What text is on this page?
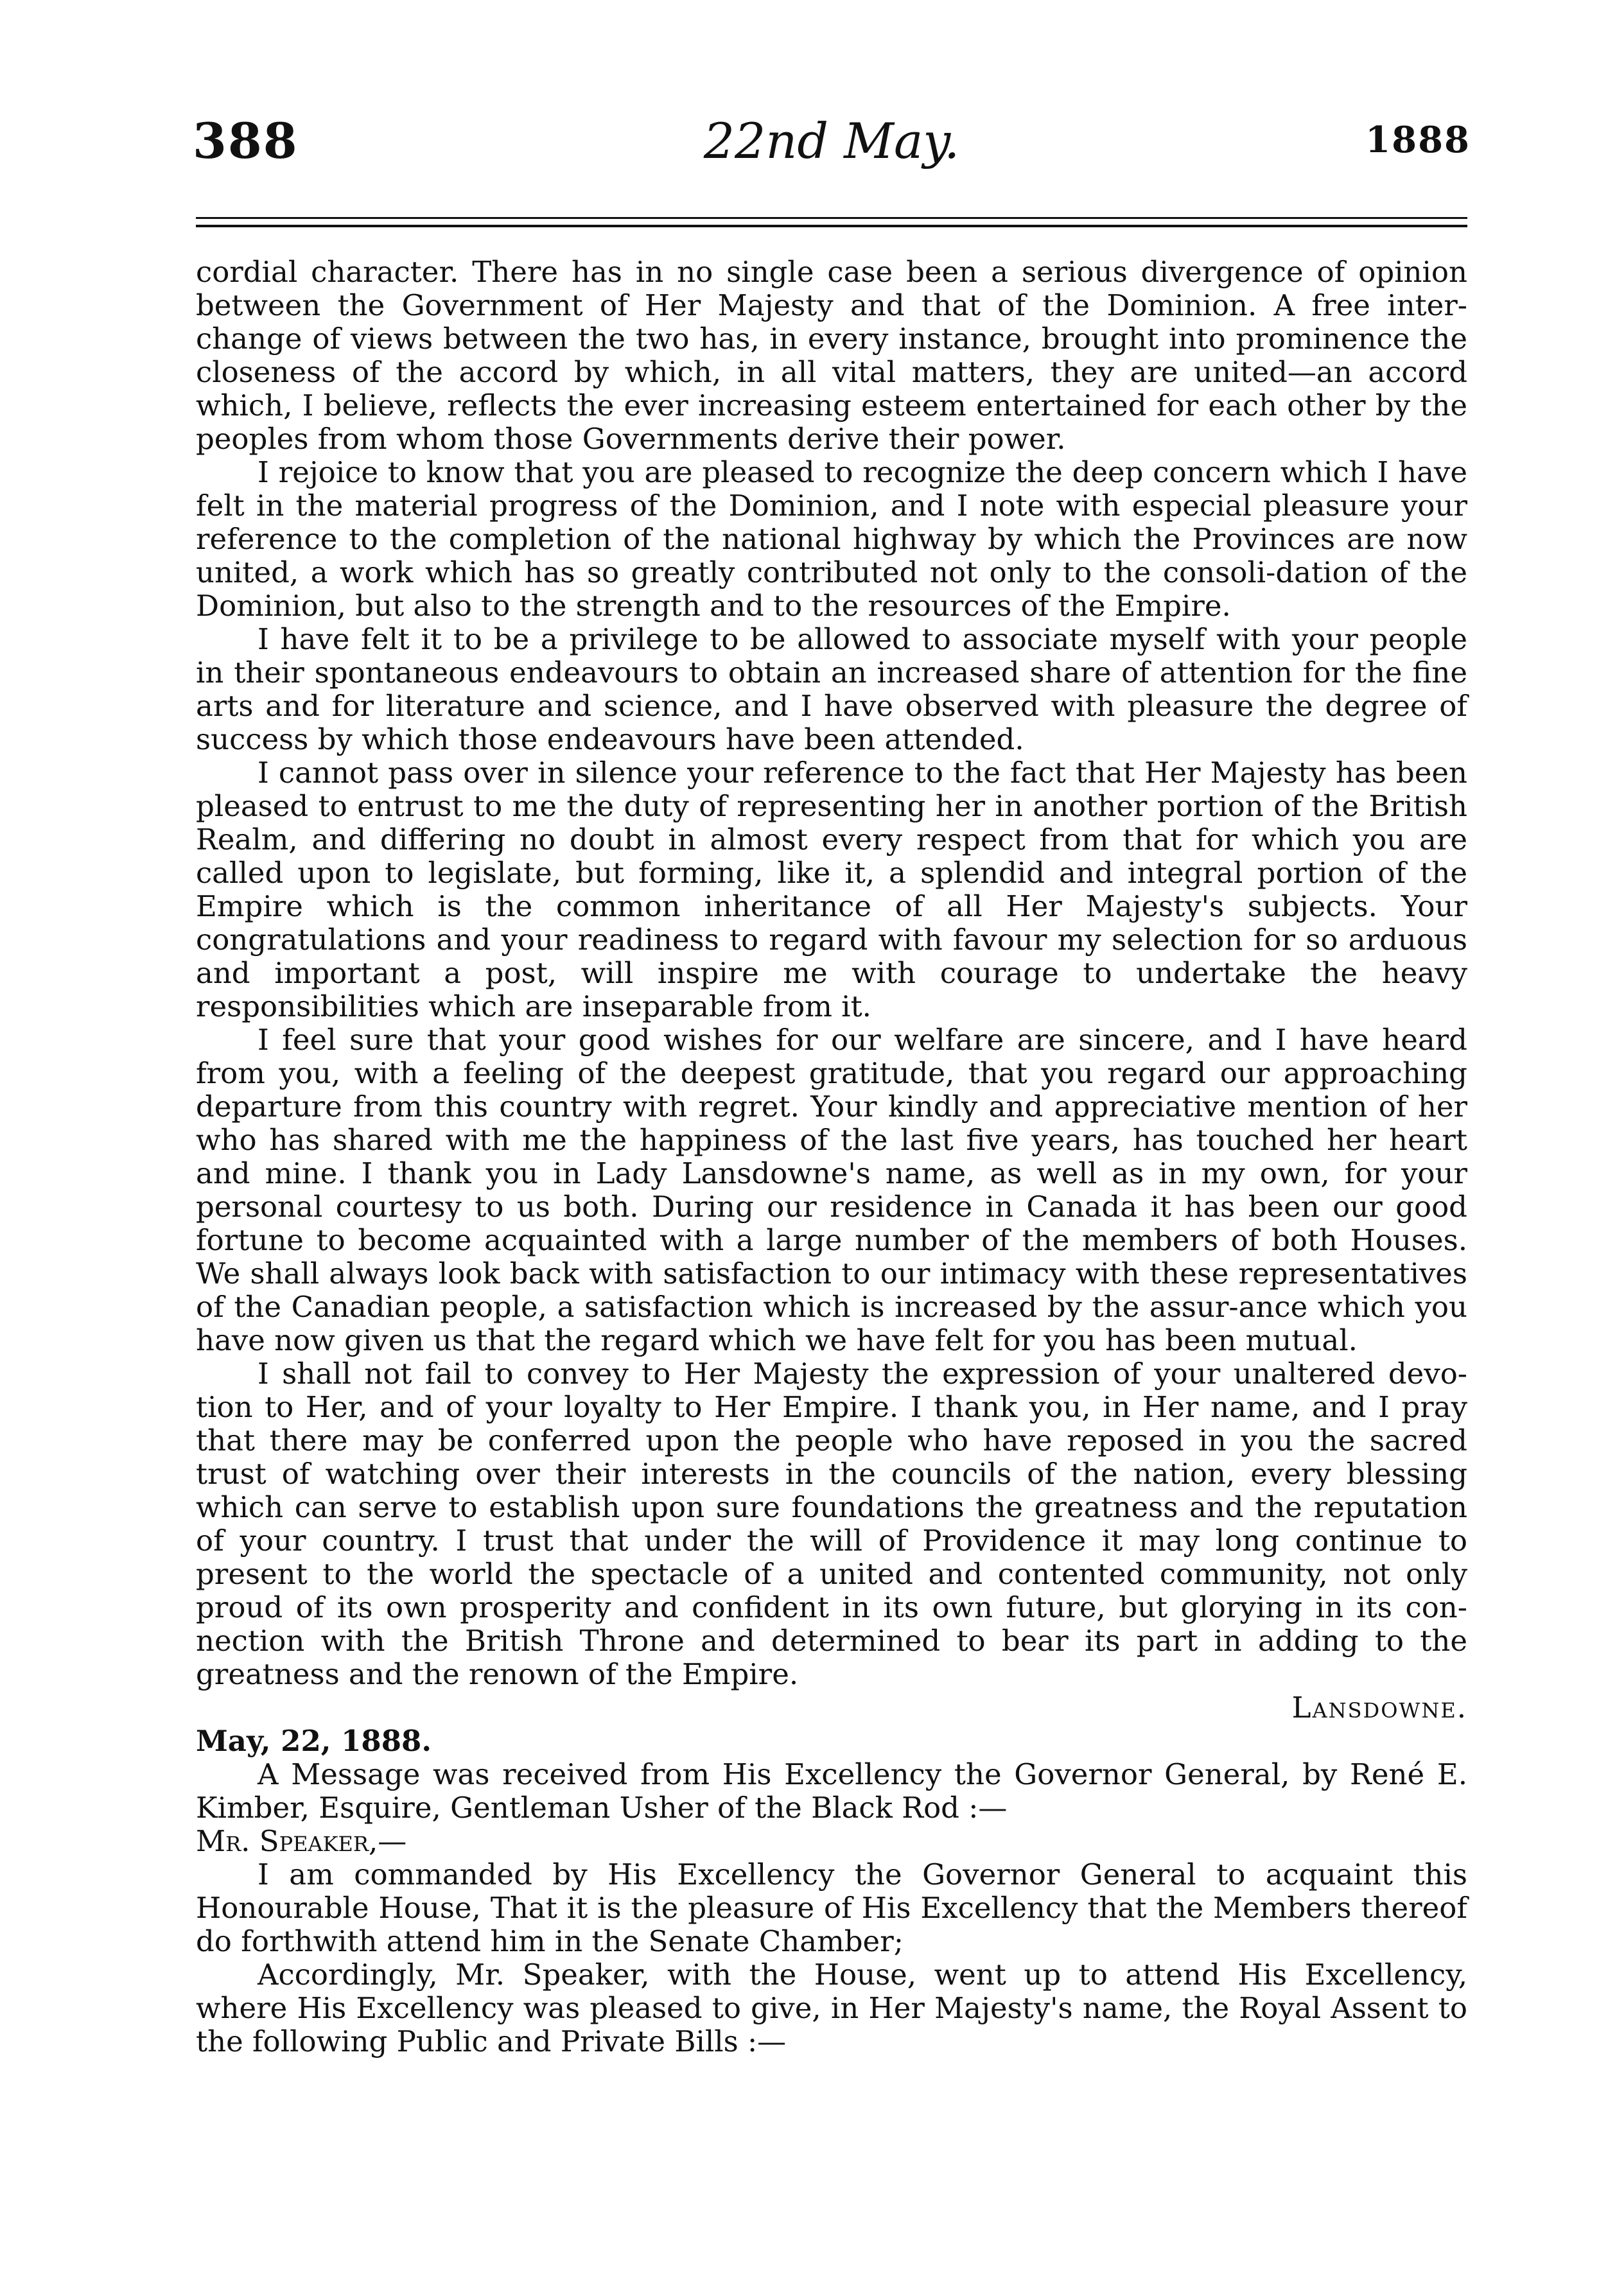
388	22nd May.	1888

cordial character. There has in no single case been a serious divergence of opinion between the Government of Her Majesty and that of the Dominion. A free inter-change of views between the two has, in every instance, brought into prominence the closeness of the accord by which, in all vital matters, they are united—an accord which, I believe, reflects the ever increasing esteem entertained for each other by the peoples from whom those Governments derive their power.

I rejoice to know that you are pleased to recognize the deep concern which I have felt in the material progress of the Dominion, and I note with especial pleasure your reference to the completion of the national highway by which the Provinces are now united, a work which has so greatly contributed not only to the consoli-dation of the Dominion, but also to the strength and to the resources of the Empire.

I have felt it to be a privilege to be allowed to associate myself with your people in their spontaneous endeavours to obtain an increased share of attention for the fine arts and for literature and science, and I have observed with pleasure the degree of success by which those endeavours have been attended.

I cannot pass over in silence your reference to the fact that Her Majesty has been pleased to entrust to me the duty of representing her in another portion of the British Realm, and differing no doubt in almost every respect from that for which you are called upon to legislate, but forming, like it, a splendid and integral portion of the Empire which is the common inheritance of all Her Majesty's subjects. Your congratulations and your readiness to regard with favour my selection for so arduous and important a post, will inspire me with courage to undertake the heavy responsibilities which are inseparable from it.

I feel sure that your good wishes for our welfare are sincere, and I have heard from you, with a feeling of the deepest gratitude, that you regard our approaching departure from this country with regret. Your kindly and appreciative mention of her who has shared with me the happiness of the last five years, has touched her heart and mine. I thank you in Lady Lansdowne's name, as well as in my own, for your personal courtesy to us both. During our residence in Canada it has been our good fortune to become acquainted with a large number of the members of both Houses. We shall always look back with satisfaction to our intimacy with these representatives of the Canadian people, a satisfaction which is increased by the assur-ance which you have now given us that the regard which we have felt for you has been mutual.

I shall not fail to convey to Her Majesty the expression of your unaltered devo-tion to Her, and of your loyalty to Her Empire. I thank you, in Her name, and I pray that there may be conferred upon the people who have reposed in you the sacred trust of watching over their interests in the councils of the nation, every blessing which can serve to establish upon sure foundations the greatness and the reputation of your country. I trust that under the will of Providence it may long continue to present to the world the spectacle of a united and contented community, not only proud of its own prosperity and confident in its own future, but glorying in its con-nection with the British Throne and determined to bear its part in adding to the greatness and the renown of the Empire.

Lansdowne.

May, 22, 1888.

A Message was received from His Excellency the Governor General, by René E. Kimber, Esquire, Gentleman Usher of the Black Rod :—

Mr. Speaker,—

I am commanded by His Excellency the Governor General to acquaint this Honourable House, That it is the pleasure of His Excellency that the Members thereof do forthwith attend him in the Senate Chamber;

Accordingly, Mr. Speaker, with the House, went up to attend His Excellency, where His Excellency was pleased to give, in Her Majesty's name, the Royal Assent to the following Public and Private Bills :—
